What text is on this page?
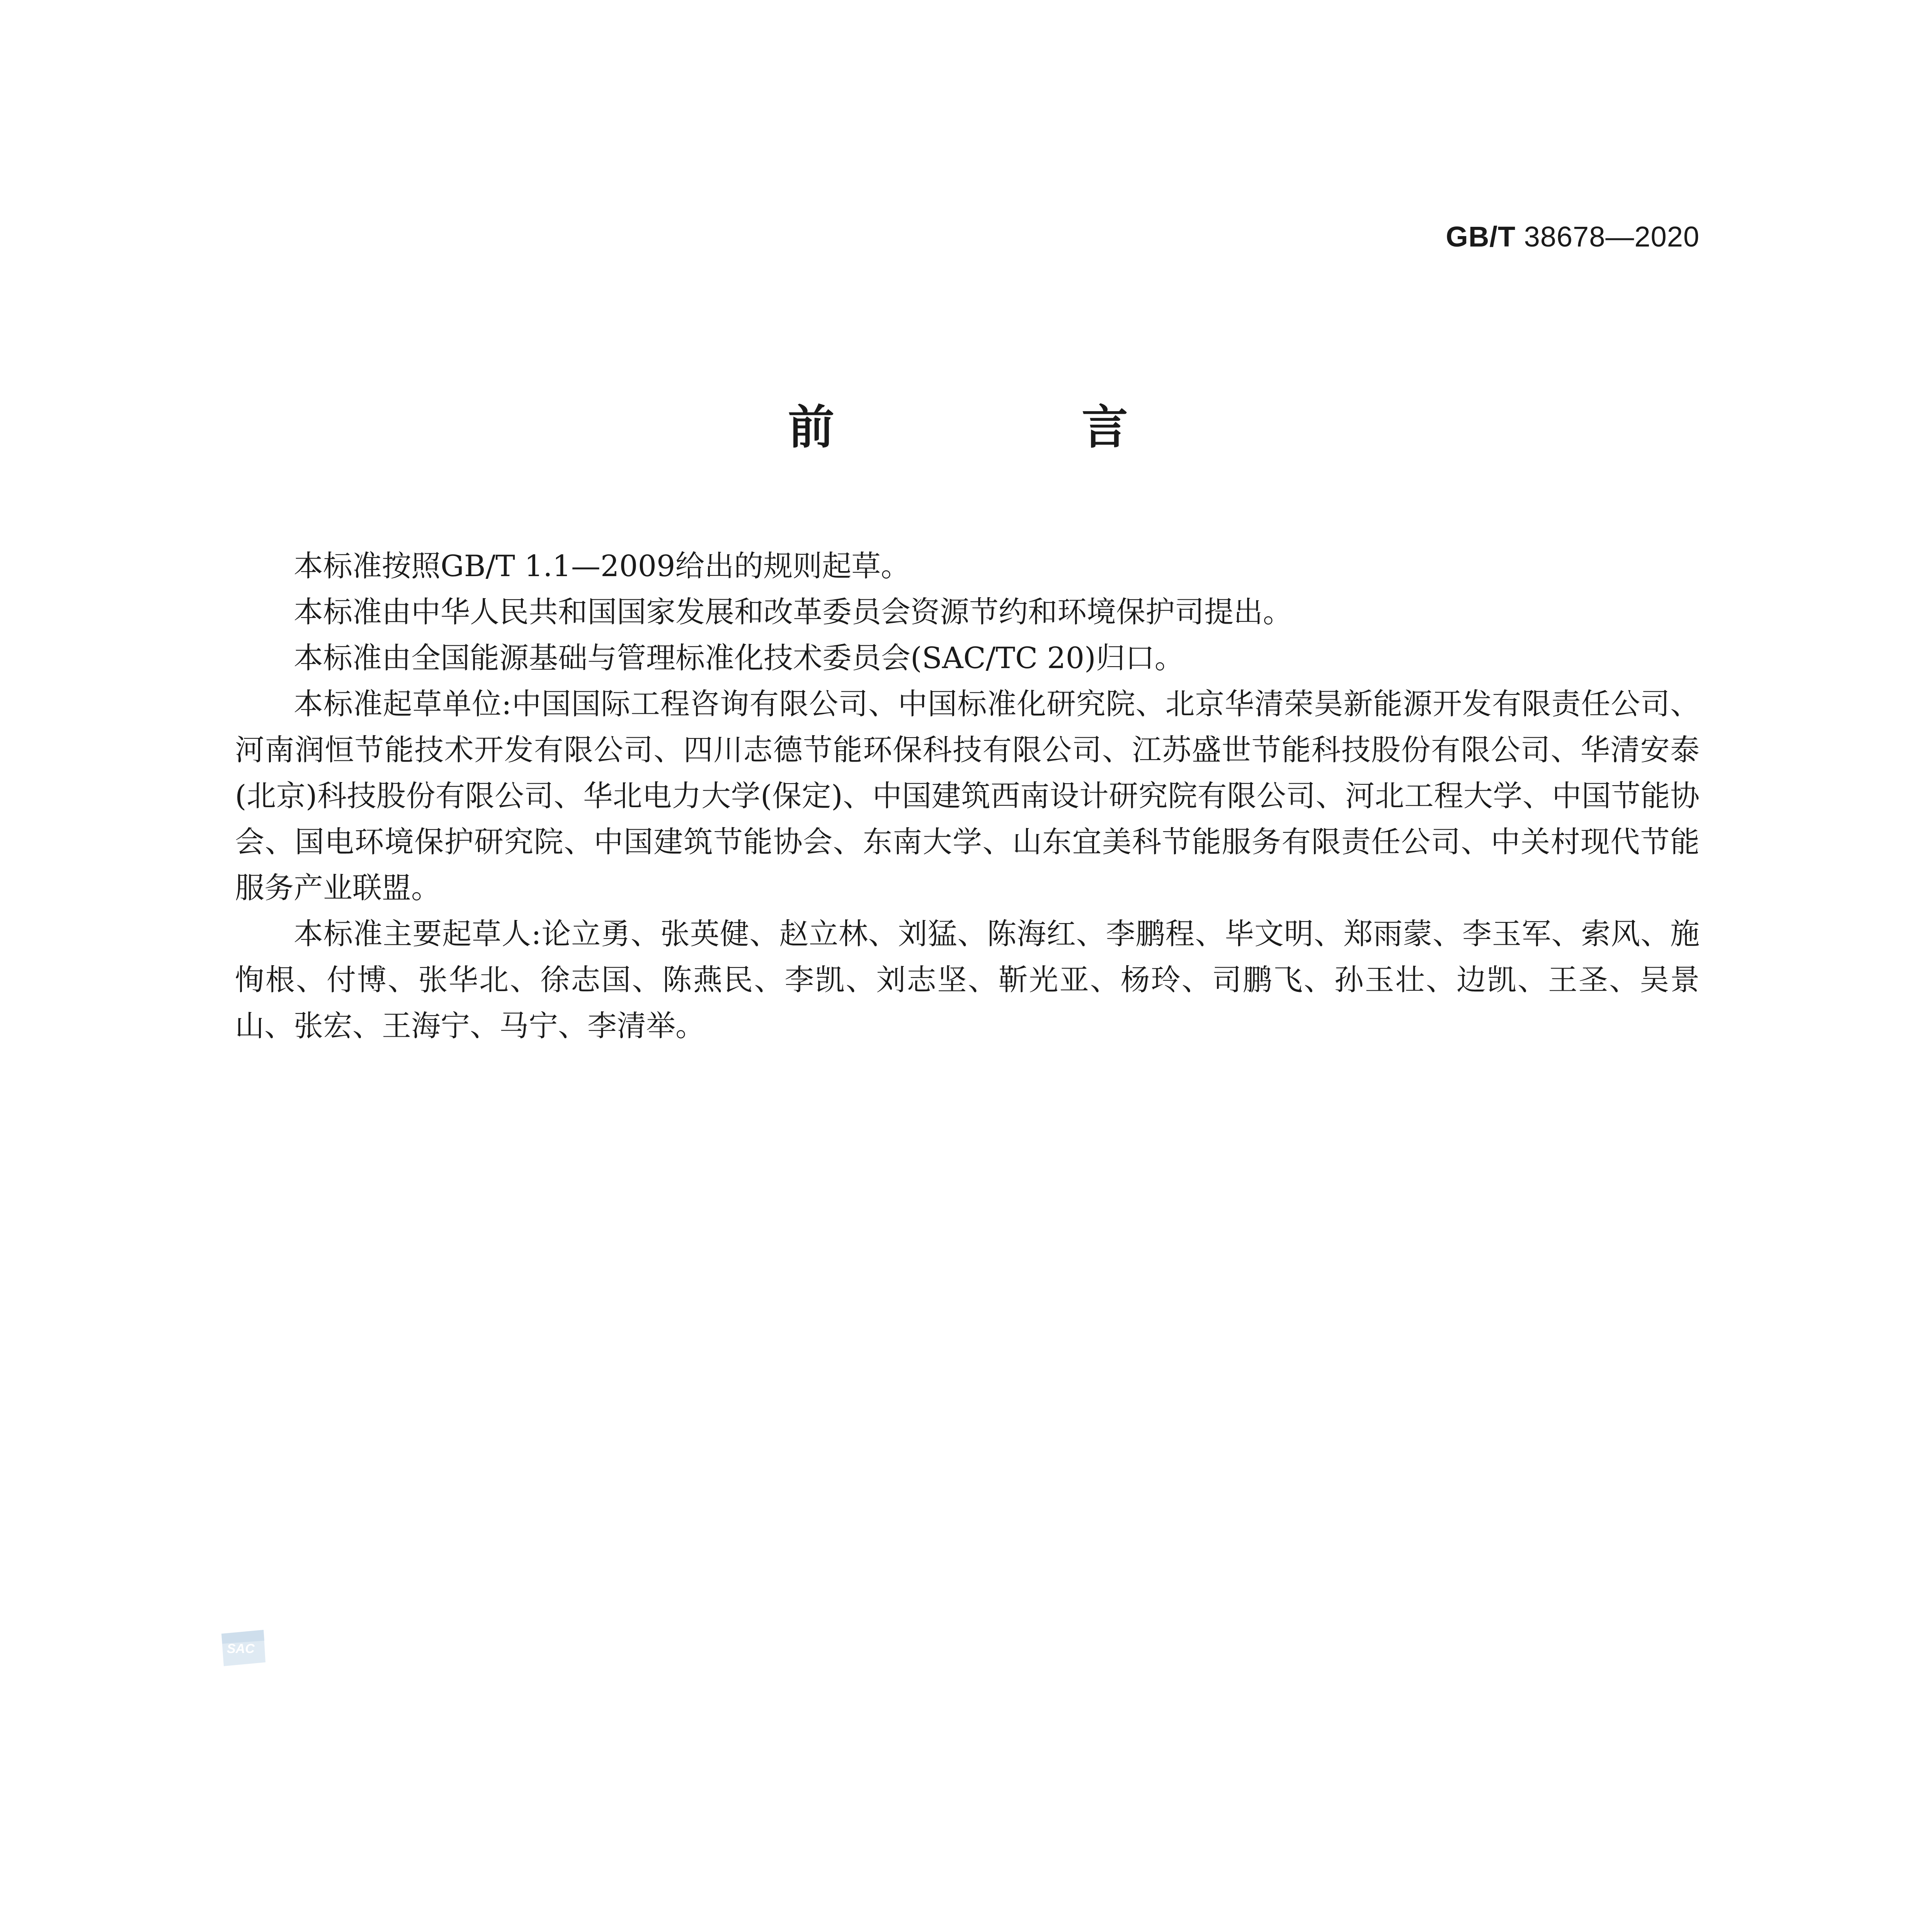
GB/T 38678—2020
前　言

本标准按照GB/T 1.1—2009给出的规则起草。

本标准由中华人民共和国国家发展和改革委员会资源节约和环境保护司提出。

本标准由全国能源基础与管理标准化技术委员会(SAC/TC 20)归口。

本标准起草单位:中国国际工程咨询有限公司、中国标准化研究院、北京华清荣昊新能源开发有限责任公司、河南润恒节能技术开发有限公司、四川志德节能环保科技有限公司、江苏盛世节能科技股份有限公司、华清安泰(北京)科技股份有限公司、华北电力大学(保定)、中国建筑西南设计研究院有限公司、河北工程大学、中国节能协会、国电环境保护研究院、中国建筑节能协会、东南大学、山东宜美科节能服务有限责任公司、中关村现代节能服务产业联盟。

本标准主要起草人:论立勇、张英健、赵立林、刘猛、陈海红、李鹏程、毕文明、郑雨蒙、李玉军、索风、施恂根、付博、张华北、徐志国、陈燕民、李凯、刘志坚、靳光亚、杨玲、司鹏飞、孙玉壮、边凯、王圣、吴景山、张宏、王海宁、马宁、李清举。

SAC
